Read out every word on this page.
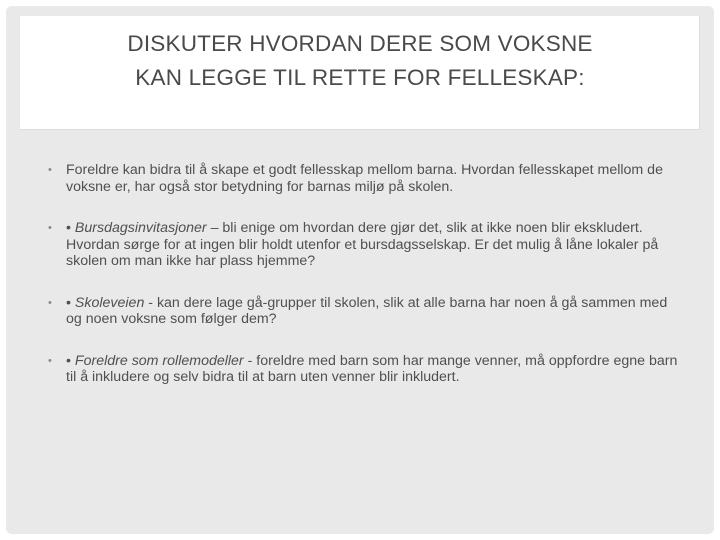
DISKUTER HVORDAN DERE SOM VOKSNE
KAN LEGGE TIL RETTE FOR FELLESKAP:
• Foreldre kan bidra til å skape et godt fellesskap mellom barna. Hvordan fellesskapet mellom de voksne er, har også stor betydning for barnas miljø på skolen.
• • Bursdagsinvitasjoner – bli enige om hvordan dere gjør det, slik at ikke noen blir ekskludert. Hvordan sørge for at ingen blir holdt utenfor et bursdagsselskap. Er det mulig å låne lokaler på skolen om man ikke har plass hjemme?
• • Skoleveien - kan dere lage gå-grupper til skolen, slik at alle barna har noen å gå sammen med og noen voksne som følger dem?
• • Foreldre som rollemodeller - foreldre med barn som har mange venner, må oppfordre egne barn til å inkludere og selv bidra til at barn uten venner blir inkludert.
